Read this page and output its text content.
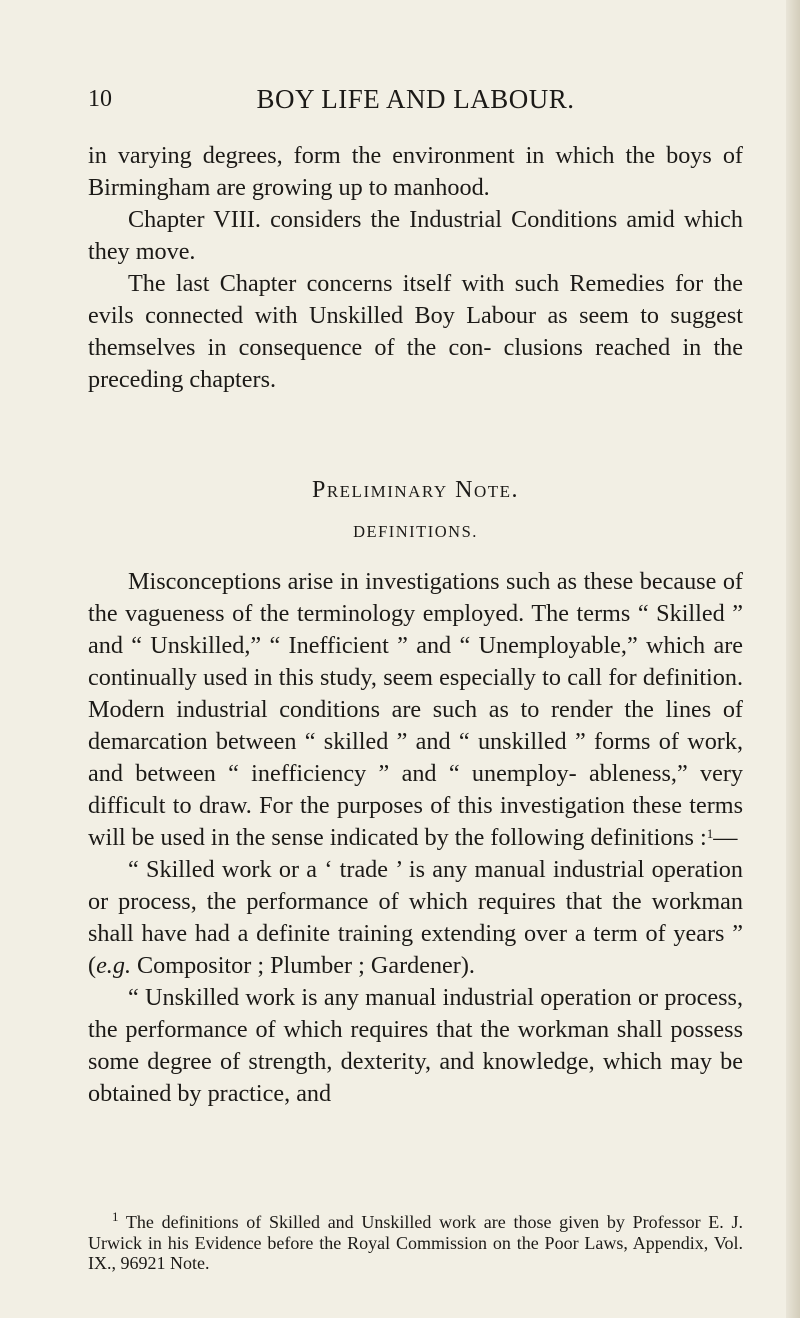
10	BOY LIFE AND LABOUR.

in varying degrees, form the environment in which the boys of Birmingham are growing up to manhood.

Chapter VIII. considers the Industrial Conditions amid which they move.

The last Chapter concerns itself with such Remedies for the evils connected with Unskilled Boy Labour as seem to suggest themselves in consequence of the con- clusions reached in the preceding chapters.

Preliminary Note.
DEFINITIONS.

Misconceptions arise in investigations such as these because of the vagueness of the terminology employed. The terms “ Skilled ” and “ Unskilled,” “ Inefficient ” and “ Unemployable,” which are continually used in this study, seem especially to call for definition. Modern industrial conditions are such as to render the lines of demarcation between “ skilled ” and “ unskilled ” forms of work, and between “ inefficiency ” and “ unemploy- ableness,” very difficult to draw. For the purposes of this investigation these terms will be used in the sense indicated by the following definitions :$^1$—

“ Skilled work or a ‘ trade ’ is any manual industrial operation or process, the performance of which requires that the workman shall have had a definite training extending over a term of years ” (e.g. Compositor ; Plumber ; Gardener).

“ Unskilled work is any manual industrial operation or process, the performance of which requires that the workman shall possess some degree of strength, dexterity, and knowledge, which may be obtained by practice, and

$^1$ The definitions of Skilled and Unskilled work are those given by Professor E. J. Urwick in his Evidence before the Royal Commission on the Poor Laws, Appendix, Vol. IX., 96921 Note.
